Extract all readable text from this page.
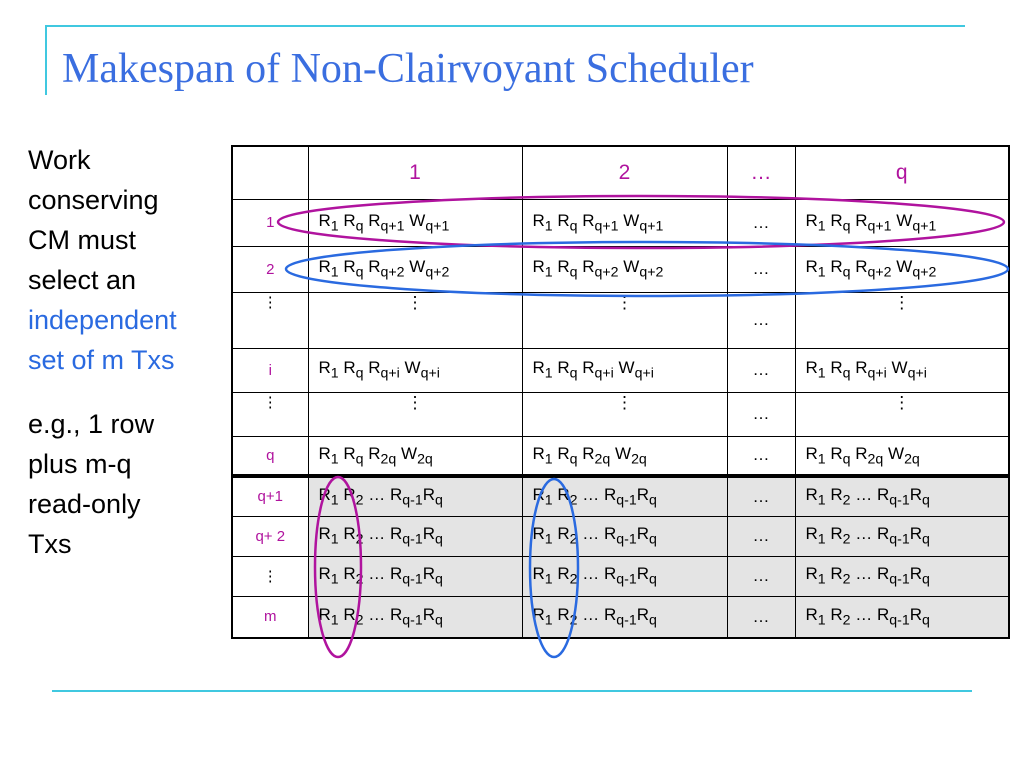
Makespan of Non-Clairvoyant Scheduler
Work
conserving
CM must
select an
independent
set of m Txs
e.g., 1 row
plus m-q
read-only
Txs
	1	2	…	q
1	$R_1$ $R_q$ $R_{q+1}$ $W_{q+1}$	$R_1$ $R_q$ $R_{q+1}$ $W_{q+1}$	…	$R_1$ $R_q$ $R_{q+1}$ $W_{q+1}$
2	$R_1$ $R_q$ $R_{q+2}$ $W_{q+2}$	$R_1$ $R_q$ $R_{q+2}$ $W_{q+2}$	…	$R_1$ $R_q$ $R_{q+2}$ $W_{q+2}$
⋮	⋮	⋮	…	⋮
i	$R_1$ $R_q$ $R_{q+i}$ $W_{q+i}$	$R_1$ $R_q$ $R_{q+i}$ $W_{q+i}$	…	$R_1$ $R_q$ $R_{q+i}$ $W_{q+i}$
⋮	⋮	⋮	…	⋮
q	$R_1$ $R_q$ $R_{2q}$ $W_{2q}$	$R_1$ $R_q$ $R_{2q}$ $W_{2q}$	…	$R_1$ $R_q$ $R_{2q}$ $W_{2q}$
q+1	$R_1$ $R_2$ … $R_{q-1}R_q$	$R_1$ $R_2$ … $R_{q-1}R_q$	…	$R_1$ $R_2$ … $R_{q-1}R_q$
q+ 2	$R_1$ $R_2$ … $R_{q-1}R_q$	$R_1$ $R_2$ … $R_{q-1}R_q$	…	$R_1$ $R_2$ … $R_{q-1}R_q$
⋮	$R_1$ $R_2$ … $R_{q-1}R_q$	$R_1$ $R_2$ … $R_{q-1}R_q$	…	$R_1$ $R_2$ … $R_{q-1}R_q$
m	$R_1$ $R_2$ … $R_{q-1}R_q$	$R_1$ $R_2$ … $R_{q-1}R_q$	…	$R_1$ $R_2$ … $R_{q-1}R_q$
